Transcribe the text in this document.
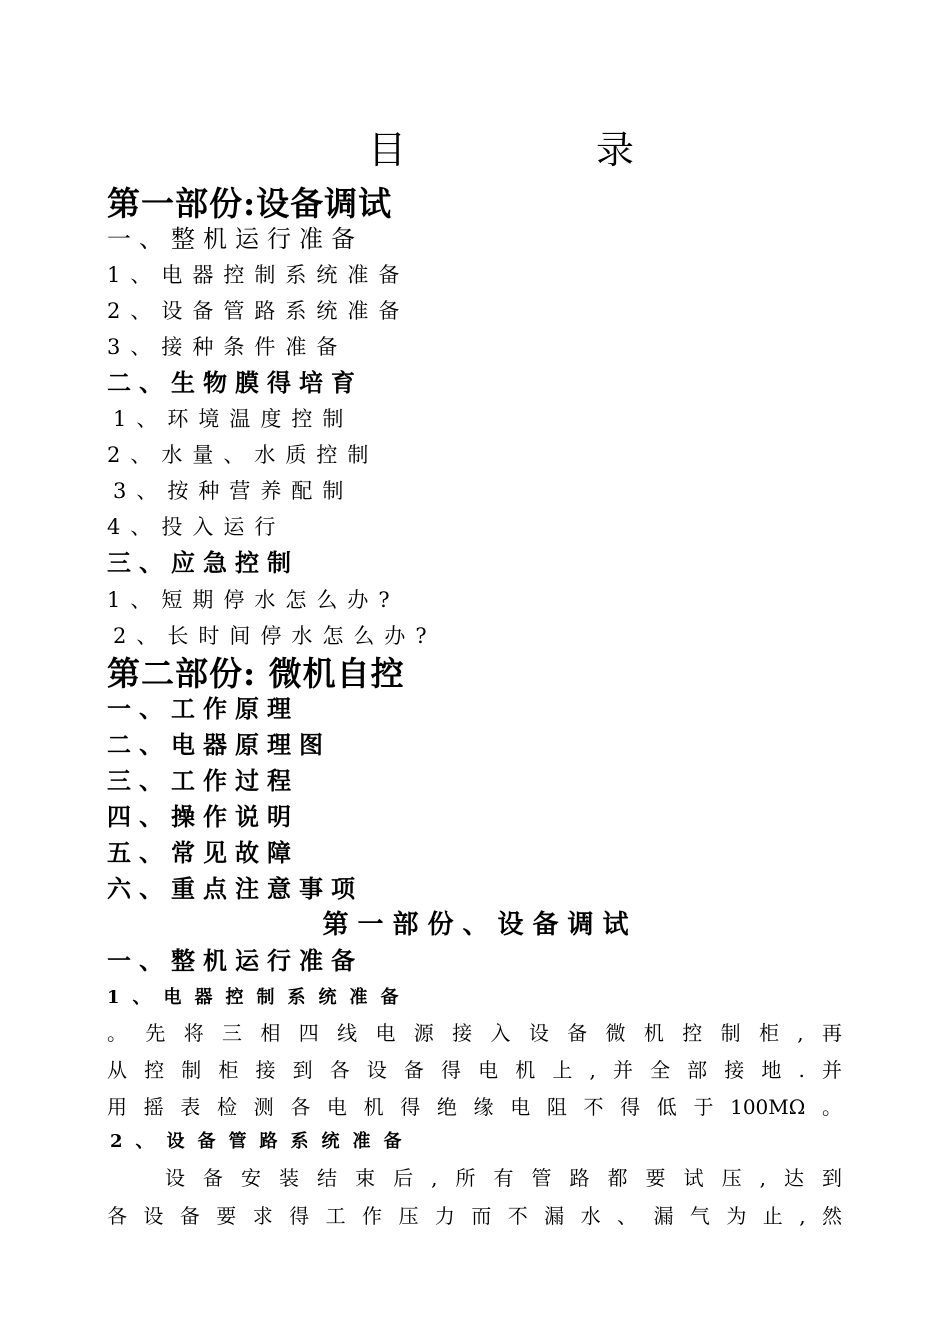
目	录
第一部份:设备调试
一、整机运行准备
1、电器控制系统准备
2、设备管路系统准备
3、接种条件准备
二、生物膜得培育
1、环境温度控制
2、水量、水质控制
3、按种营养配制
4、投入运行
三、应急控制
1、短期停水怎么办?
2、长时间停水怎么办?
第二部份: 微机自控
一、工作原理
二、电器原理图
三、工作过程
四、操作说明
五、常见故障
六、重点注意事项
第一部份、设备调试
一、整机运行准备
1、电器控制系统准备
。先将三相四线电源接入设备微机控制柜,再
从控制柜接到各设备得电机上,并全部接地.并
用摇表检测各电机得绝缘电阻不得低于100MΩ。
2、设备管路系统准备
设备安装结束后,所有管路都要试压,达到
各设备要求得工作压力而不漏水、漏气为止,然
